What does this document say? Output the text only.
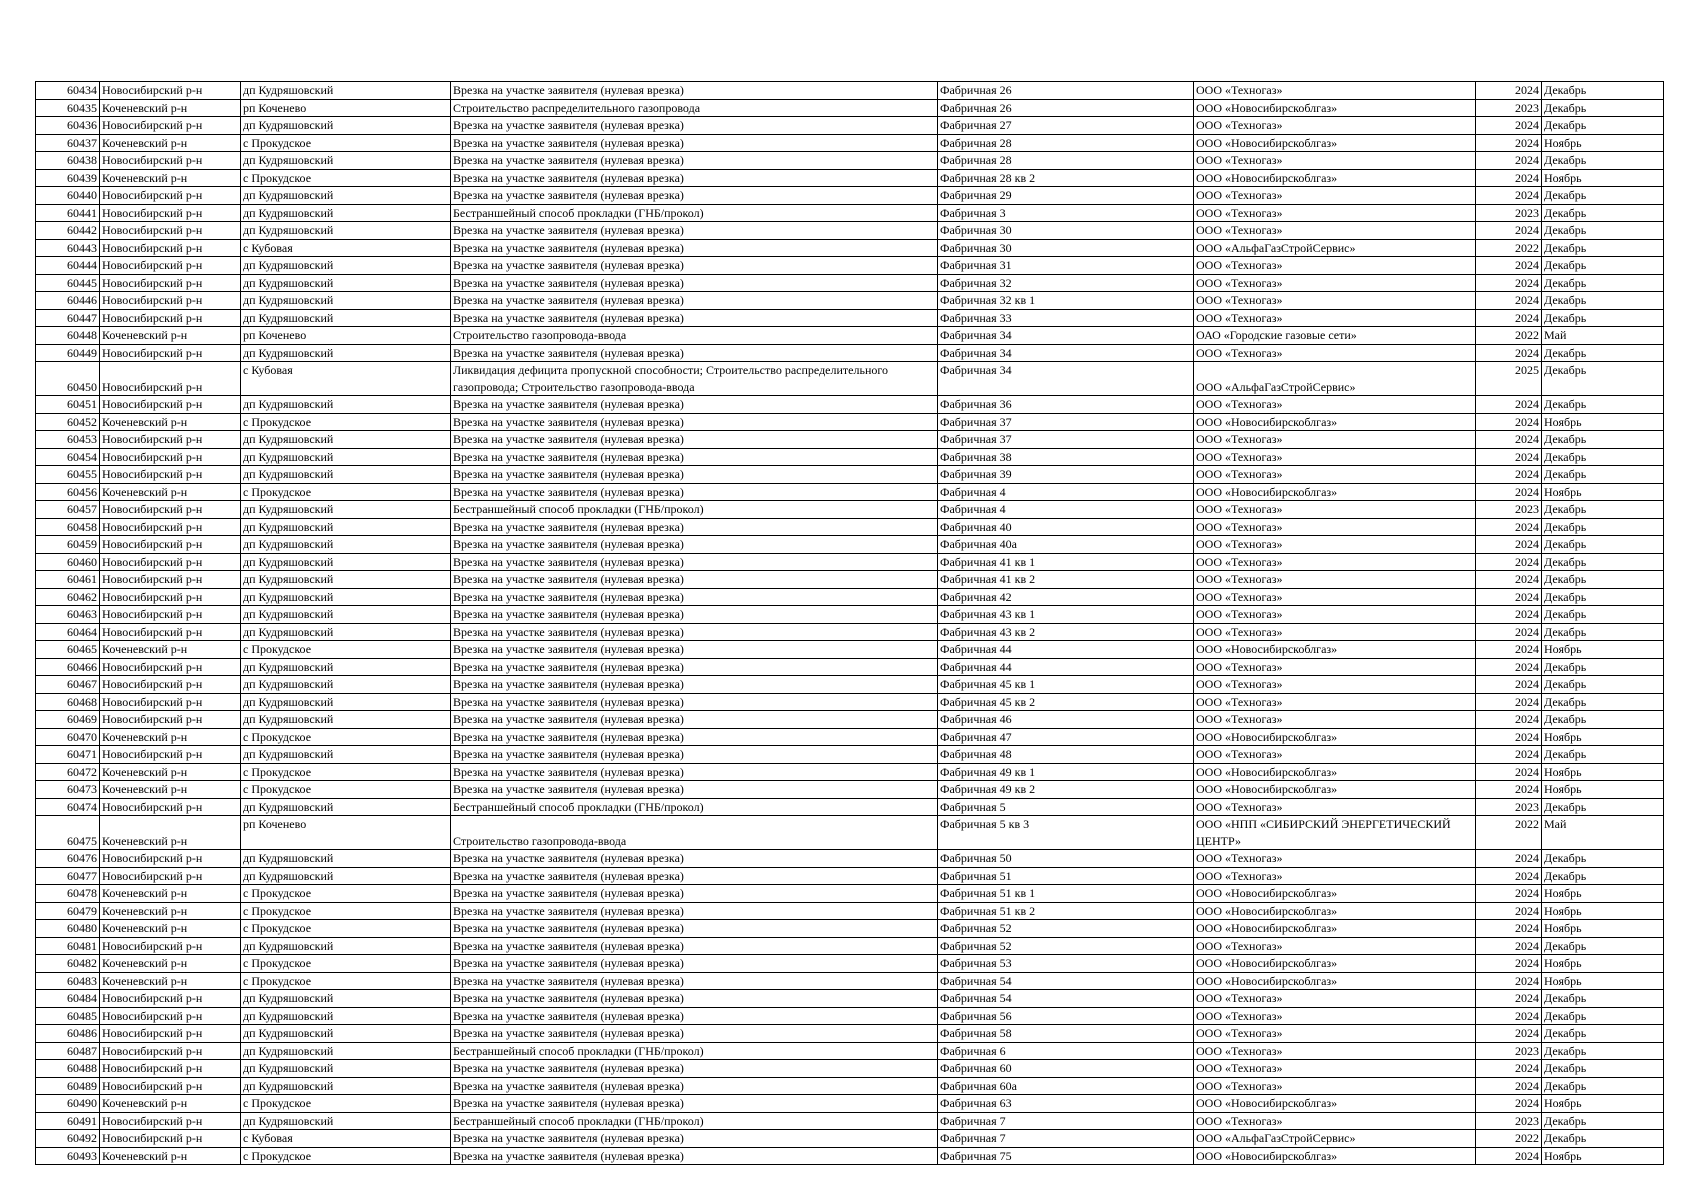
60434	Новосибирский р-н	дп Кудряшовский	Врезка на участке заявителя (нулевая врезка)	Фабричная 26	ООО «Техногаз»	2024	Декабрь
60435	Коченевский р-н	рп Коченево	Строительство распределительного газопровода	Фабричная 26	ООО «Новосибирскоблгаз»	2023	Декабрь
60436	Новосибирский р-н	дп Кудряшовский	Врезка на участке заявителя (нулевая врезка)	Фабричная 27	ООО «Техногаз»	2024	Декабрь
60437	Коченевский р-н	с Прокудское	Врезка на участке заявителя (нулевая врезка)	Фабричная 28	ООО «Новосибирскоблгаз»	2024	Ноябрь
60438	Новосибирский р-н	дп Кудряшовский	Врезка на участке заявителя (нулевая врезка)	Фабричная 28	ООО «Техногаз»	2024	Декабрь
60439	Коченевский р-н	с Прокудское	Врезка на участке заявителя (нулевая врезка)	Фабричная 28 кв 2	ООО «Новосибирскоблгаз»	2024	Ноябрь
60440	Новосибирский р-н	дп Кудряшовский	Врезка на участке заявителя (нулевая врезка)	Фабричная 29	ООО «Техногаз»	2024	Декабрь
60441	Новосибирский р-н	дп Кудряшовский	Бестраншейный способ прокладки (ГНБ/прокол)	Фабричная 3	ООО «Техногаз»	2023	Декабрь
60442	Новосибирский р-н	дп Кудряшовский	Врезка на участке заявителя (нулевая врезка)	Фабричная 30	ООО «Техногаз»	2024	Декабрь
60443	Новосибирский р-н	с Кубовая	Врезка на участке заявителя (нулевая врезка)	Фабричная 30	ООО «АльфаГазСтройСервис»	2022	Декабрь
60444	Новосибирский р-н	дп Кудряшовский	Врезка на участке заявителя (нулевая врезка)	Фабричная 31	ООО «Техногаз»	2024	Декабрь
60445	Новосибирский р-н	дп Кудряшовский	Врезка на участке заявителя (нулевая врезка)	Фабричная 32	ООО «Техногаз»	2024	Декабрь
60446	Новосибирский р-н	дп Кудряшовский	Врезка на участке заявителя (нулевая врезка)	Фабричная 32 кв 1	ООО «Техногаз»	2024	Декабрь
60447	Новосибирский р-н	дп Кудряшовский	Врезка на участке заявителя (нулевая врезка)	Фабричная 33	ООО «Техногаз»	2024	Декабрь
60448	Коченевский р-н	рп Коченево	Строительство газопровода-ввода	Фабричная 34	ОАО «Городские газовые сети»	2022	Май
60449	Новосибирский р-н	дп Кудряшовский	Врезка на участке заявителя (нулевая врезка)	Фабричная 34	ООО «Техногаз»	2024	Декабрь
60450	Новосибирский р-н	с Кубовая	Ликвидация дефицита пропускной способности; Строительство распределительного газопровода; Строительство газопровода-ввода	Фабричная 34	ООО «АльфаГазСтройСервис»	2025	Декабрь
60451	Новосибирский р-н	дп Кудряшовский	Врезка на участке заявителя (нулевая врезка)	Фабричная 36	ООО «Техногаз»	2024	Декабрь
60452	Коченевский р-н	с Прокудское	Врезка на участке заявителя (нулевая врезка)	Фабричная 37	ООО «Новосибирскоблгаз»	2024	Ноябрь
60453	Новосибирский р-н	дп Кудряшовский	Врезка на участке заявителя (нулевая врезка)	Фабричная 37	ООО «Техногаз»	2024	Декабрь
60454	Новосибирский р-н	дп Кудряшовский	Врезка на участке заявителя (нулевая врезка)	Фабричная 38	ООО «Техногаз»	2024	Декабрь
60455	Новосибирский р-н	дп Кудряшовский	Врезка на участке заявителя (нулевая врезка)	Фабричная 39	ООО «Техногаз»	2024	Декабрь
60456	Коченевский р-н	с Прокудское	Врезка на участке заявителя (нулевая врезка)	Фабричная 4	ООО «Новосибирскоблгаз»	2024	Ноябрь
60457	Новосибирский р-н	дп Кудряшовский	Бестраншейный способ прокладки (ГНБ/прокол)	Фабричная 4	ООО «Техногаз»	2023	Декабрь
60458	Новосибирский р-н	дп Кудряшовский	Врезка на участке заявителя (нулевая врезка)	Фабричная 40	ООО «Техногаз»	2024	Декабрь
60459	Новосибирский р-н	дп Кудряшовский	Врезка на участке заявителя (нулевая врезка)	Фабричная 40а	ООО «Техногаз»	2024	Декабрь
60460	Новосибирский р-н	дп Кудряшовский	Врезка на участке заявителя (нулевая врезка)	Фабричная 41 кв 1	ООО «Техногаз»	2024	Декабрь
60461	Новосибирский р-н	дп Кудряшовский	Врезка на участке заявителя (нулевая врезка)	Фабричная 41 кв 2	ООО «Техногаз»	2024	Декабрь
60462	Новосибирский р-н	дп Кудряшовский	Врезка на участке заявителя (нулевая врезка)	Фабричная 42	ООО «Техногаз»	2024	Декабрь
60463	Новосибирский р-н	дп Кудряшовский	Врезка на участке заявителя (нулевая врезка)	Фабричная 43 кв 1	ООО «Техногаз»	2024	Декабрь
60464	Новосибирский р-н	дп Кудряшовский	Врезка на участке заявителя (нулевая врезка)	Фабричная 43 кв 2	ООО «Техногаз»	2024	Декабрь
60465	Коченевский р-н	с Прокудское	Врезка на участке заявителя (нулевая врезка)	Фабричная 44	ООО «Новосибирскоблгаз»	2024	Ноябрь
60466	Новосибирский р-н	дп Кудряшовский	Врезка на участке заявителя (нулевая врезка)	Фабричная 44	ООО «Техногаз»	2024	Декабрь
60467	Новосибирский р-н	дп Кудряшовский	Врезка на участке заявителя (нулевая врезка)	Фабричная 45 кв 1	ООО «Техногаз»	2024	Декабрь
60468	Новосибирский р-н	дп Кудряшовский	Врезка на участке заявителя (нулевая врезка)	Фабричная 45 кв 2	ООО «Техногаз»	2024	Декабрь
60469	Новосибирский р-н	дп Кудряшовский	Врезка на участке заявителя (нулевая врезка)	Фабричная 46	ООО «Техногаз»	2024	Декабрь
60470	Коченевский р-н	с Прокудское	Врезка на участке заявителя (нулевая врезка)	Фабричная 47	ООО «Новосибирскоблгаз»	2024	Ноябрь
60471	Новосибирский р-н	дп Кудряшовский	Врезка на участке заявителя (нулевая врезка)	Фабричная 48	ООО «Техногаз»	2024	Декабрь
60472	Коченевский р-н	с Прокудское	Врезка на участке заявителя (нулевая врезка)	Фабричная 49 кв 1	ООО «Новосибирскоблгаз»	2024	Ноябрь
60473	Коченевский р-н	с Прокудское	Врезка на участке заявителя (нулевая врезка)	Фабричная 49 кв 2	ООО «Новосибирскоблгаз»	2024	Ноябрь
60474	Новосибирский р-н	дп Кудряшовский	Бестраншейный способ прокладки (ГНБ/прокол)	Фабричная 5	ООО «Техногаз»	2023	Декабрь
60475	Коченевский р-н	рп Коченево	Строительство газопровода-ввода	Фабричная 5 кв 3	ООО «НПП «СИБИРСКИЙ ЭНЕРГЕТИЧЕСКИЙ ЦЕНТР»	2022	Май
60476	Новосибирский р-н	дп Кудряшовский	Врезка на участке заявителя (нулевая врезка)	Фабричная 50	ООО «Техногаз»	2024	Декабрь
60477	Новосибирский р-н	дп Кудряшовский	Врезка на участке заявителя (нулевая врезка)	Фабричная 51	ООО «Техногаз»	2024	Декабрь
60478	Коченевский р-н	с Прокудское	Врезка на участке заявителя (нулевая врезка)	Фабричная 51 кв 1	ООО «Новосибирскоблгаз»	2024	Ноябрь
60479	Коченевский р-н	с Прокудское	Врезка на участке заявителя (нулевая врезка)	Фабричная 51 кв 2	ООО «Новосибирскоблгаз»	2024	Ноябрь
60480	Коченевский р-н	с Прокудское	Врезка на участке заявителя (нулевая врезка)	Фабричная 52	ООО «Новосибирскоблгаз»	2024	Ноябрь
60481	Новосибирский р-н	дп Кудряшовский	Врезка на участке заявителя (нулевая врезка)	Фабричная 52	ООО «Техногаз»	2024	Декабрь
60482	Коченевский р-н	с Прокудское	Врезка на участке заявителя (нулевая врезка)	Фабричная 53	ООО «Новосибирскоблгаз»	2024	Ноябрь
60483	Коченевский р-н	с Прокудское	Врезка на участке заявителя (нулевая врезка)	Фабричная 54	ООО «Новосибирскоблгаз»	2024	Ноябрь
60484	Новосибирский р-н	дп Кудряшовский	Врезка на участке заявителя (нулевая врезка)	Фабричная 54	ООО «Техногаз»	2024	Декабрь
60485	Новосибирский р-н	дп Кудряшовский	Врезка на участке заявителя (нулевая врезка)	Фабричная 56	ООО «Техногаз»	2024	Декабрь
60486	Новосибирский р-н	дп Кудряшовский	Врезка на участке заявителя (нулевая врезка)	Фабричная 58	ООО «Техногаз»	2024	Декабрь
60487	Новосибирский р-н	дп Кудряшовский	Бестраншейный способ прокладки (ГНБ/прокол)	Фабричная 6	ООО «Техногаз»	2023	Декабрь
60488	Новосибирский р-н	дп Кудряшовский	Врезка на участке заявителя (нулевая врезка)	Фабричная 60	ООО «Техногаз»	2024	Декабрь
60489	Новосибирский р-н	дп Кудряшовский	Врезка на участке заявителя (нулевая врезка)	Фабричная 60а	ООО «Техногаз»	2024	Декабрь
60490	Коченевский р-н	с Прокудское	Врезка на участке заявителя (нулевая врезка)	Фабричная 63	ООО «Новосибирскоблгаз»	2024	Ноябрь
60491	Новосибирский р-н	дп Кудряшовский	Бестраншейный способ прокладки (ГНБ/прокол)	Фабричная 7	ООО «Техногаз»	2023	Декабрь
60492	Новосибирский р-н	с Кубовая	Врезка на участке заявителя (нулевая врезка)	Фабричная 7	ООО «АльфаГазСтройСервис»	2022	Декабрь
60493	Коченевский р-н	с Прокудское	Врезка на участке заявителя (нулевая врезка)	Фабричная 75	ООО «Новосибирскоблгаз»	2024	Ноябрь
